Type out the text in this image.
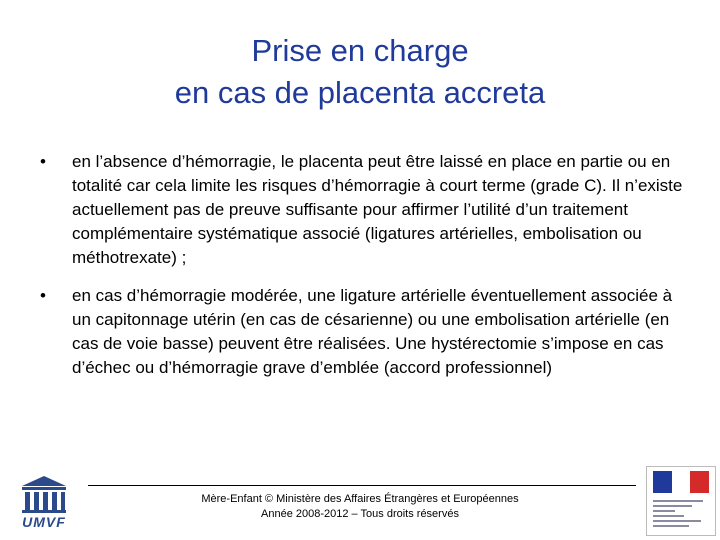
Prise en charge
en cas de placenta accreta
•	en l’absence d’hémorragie, le placenta peut être laissé en place en partie ou en totalité car cela limite les risques d’hémorragie à court terme (grade C). Il n’existe actuellement pas de preuve suffisante pour affirmer l’utilité d’un traitement complémentaire systématique associé (ligatures artérielles, embolisation ou méthotrexate) ;
•	en cas d’hémorragie modérée, une ligature artérielle éventuellement associée à un capitonnage utérin (en cas de césarienne) ou une embolisation artérielle (en cas de voie basse) peuvent être réalisées. Une hystérectomie s’impose en cas d’échec ou d’hémorragie grave d’emblée (accord professionnel)
UMVF
Mère-Enfant © Ministère des Affaires Étrangères et Européennes
Année 2008-2012 – Tous droits réservés
